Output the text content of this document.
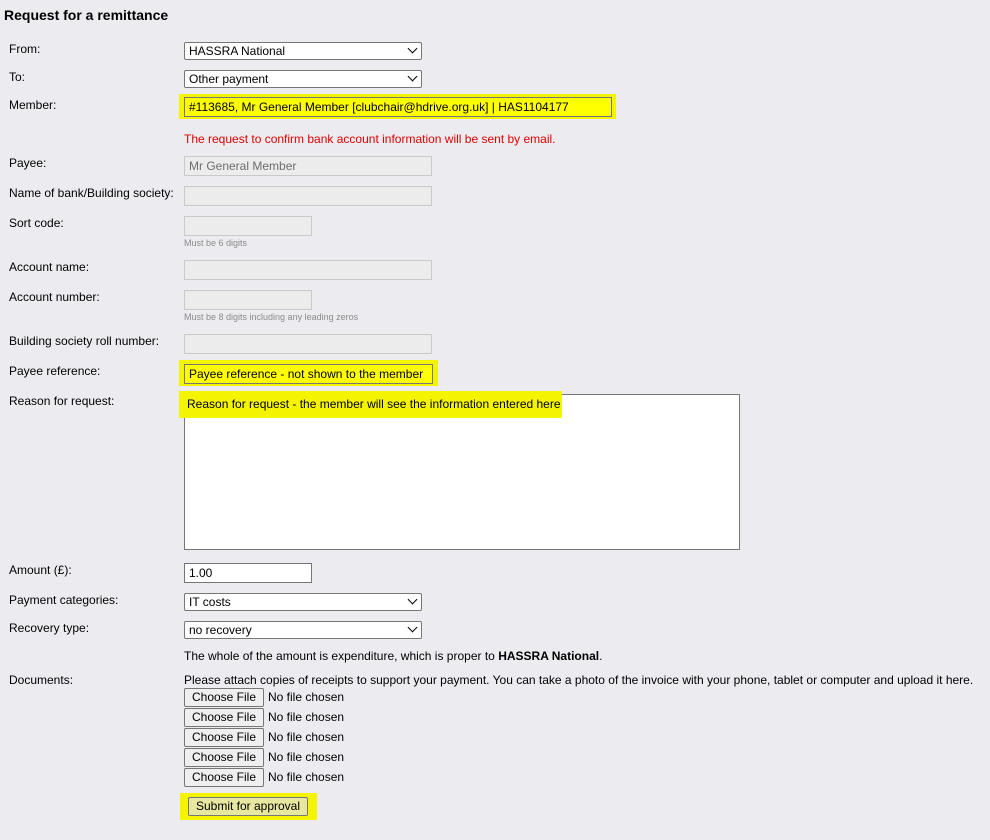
Request for a remittance
From:	HASSRA National
To:	Other payment
Member:	#113685, Mr General Member [clubchair@hdrive.org.uk] | HAS1104177
The request to confirm bank account information will be sent by email.
Payee:	Mr General Member
Name of bank/Building society:
Sort code:
Must be 6 digits
Account name:
Account number:
Must be 8 digits including any leading zeros
Building society roll number:
Payee reference:	Payee reference - not shown to the member
Reason for request:	Reason for request - the member will see the information entered here
Amount (£):	1.00
Payment categories:	IT costs
Recovery type:	no recovery
The whole of the amount is expenditure, which is proper to HASSRA National.
Documents:	Please attach copies of receipts to support your payment. You can take a photo of the invoice with your phone, tablet or computer and upload it here.
Choose File No file chosen
Choose File No file chosen
Choose File No file chosen
Choose File No file chosen
Choose File No file chosen
Submit for approval
